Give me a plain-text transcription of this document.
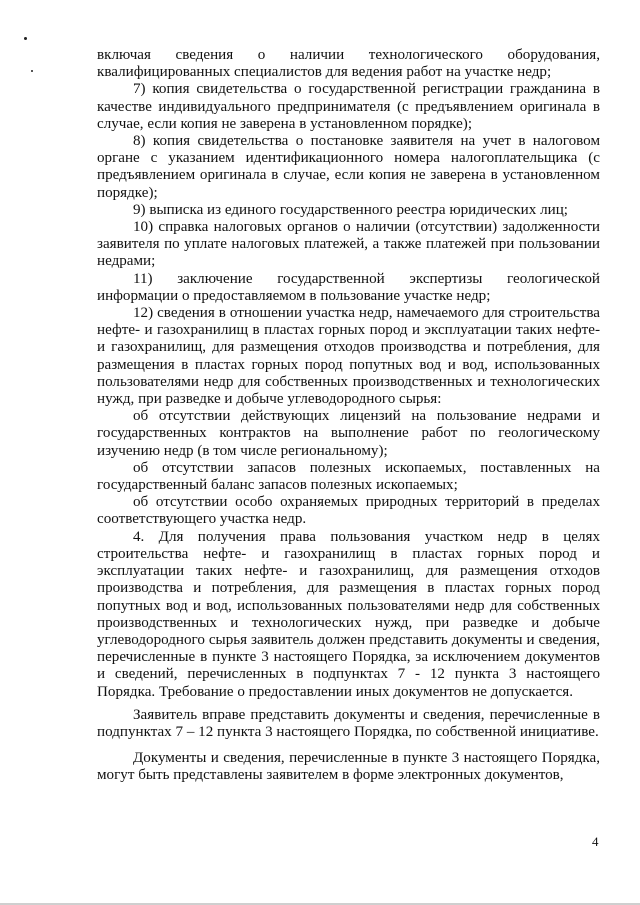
включая сведения о наличии технологического оборудования, квалифицированных специалистов для ведения работ на участке недр;

7) копия свидетельства о государственной регистрации гражданина в качестве индивидуального предпринимателя (с предъявлением оригинала в случае, если копия не заверена в установленном порядке);

8) копия свидетельства о постановке заявителя на учет в налоговом органе с указанием идентификационного номера налогоплательщика (с предъявлением оригинала в случае, если копия не заверена в установленном порядке);

9) выписка из единого государственного реестра юридических лиц;

10) справка налоговых органов о наличии (отсутствии) задолженности заявителя по уплате налоговых платежей, а также платежей при пользовании недрами;

11) заключение государственной экспертизы геологической информации о предоставляемом в пользование участке недр;

12) сведения в отношении участка недр, намечаемого для строительства нефте- и газохранилищ в пластах горных пород и эксплуатации таких нефте- и газохранилищ, для размещения отходов производства и потребления, для размещения в пластах горных пород попутных вод и вод, использованных пользователями недр для собственных производственных и технологических нужд, при разведке и добыче углеводородного сырья:

об отсутствии действующих лицензий на пользование недрами и государственных контрактов на выполнение работ по геологическому изучению недр (в том числе региональному);

об отсутствии запасов полезных ископаемых, поставленных на государственный баланс запасов полезных ископаемых;

об отсутствии особо охраняемых природных территорий в пределах соответствующего участка недр.

4. Для получения права пользования участком недр в целях строительства нефте- и газохранилищ в пластах горных пород и эксплуатации таких нефте- и газохранилищ, для размещения отходов производства и потребления, для размещения в пластах горных пород попутных вод и вод, использованных пользователями недр для собственных производственных и технологических нужд, при разведке и добыче углеводородного сырья заявитель должен представить документы и сведения, перечисленные в пункте 3 настоящего Порядка, за исключением документов и сведений, перечисленных в подпунктах 7 - 12 пункта 3 настоящего Порядка. Требование о предоставлении иных документов не допускается.

Заявитель вправе представить документы и сведения, перечисленные в подпунктах 7 – 12 пункта 3 настоящего Порядка, по собственной инициативе.

Документы и сведения, перечисленные в пункте 3 настоящего Порядка, могут быть представлены заявителем в форме электронных документов,

4
